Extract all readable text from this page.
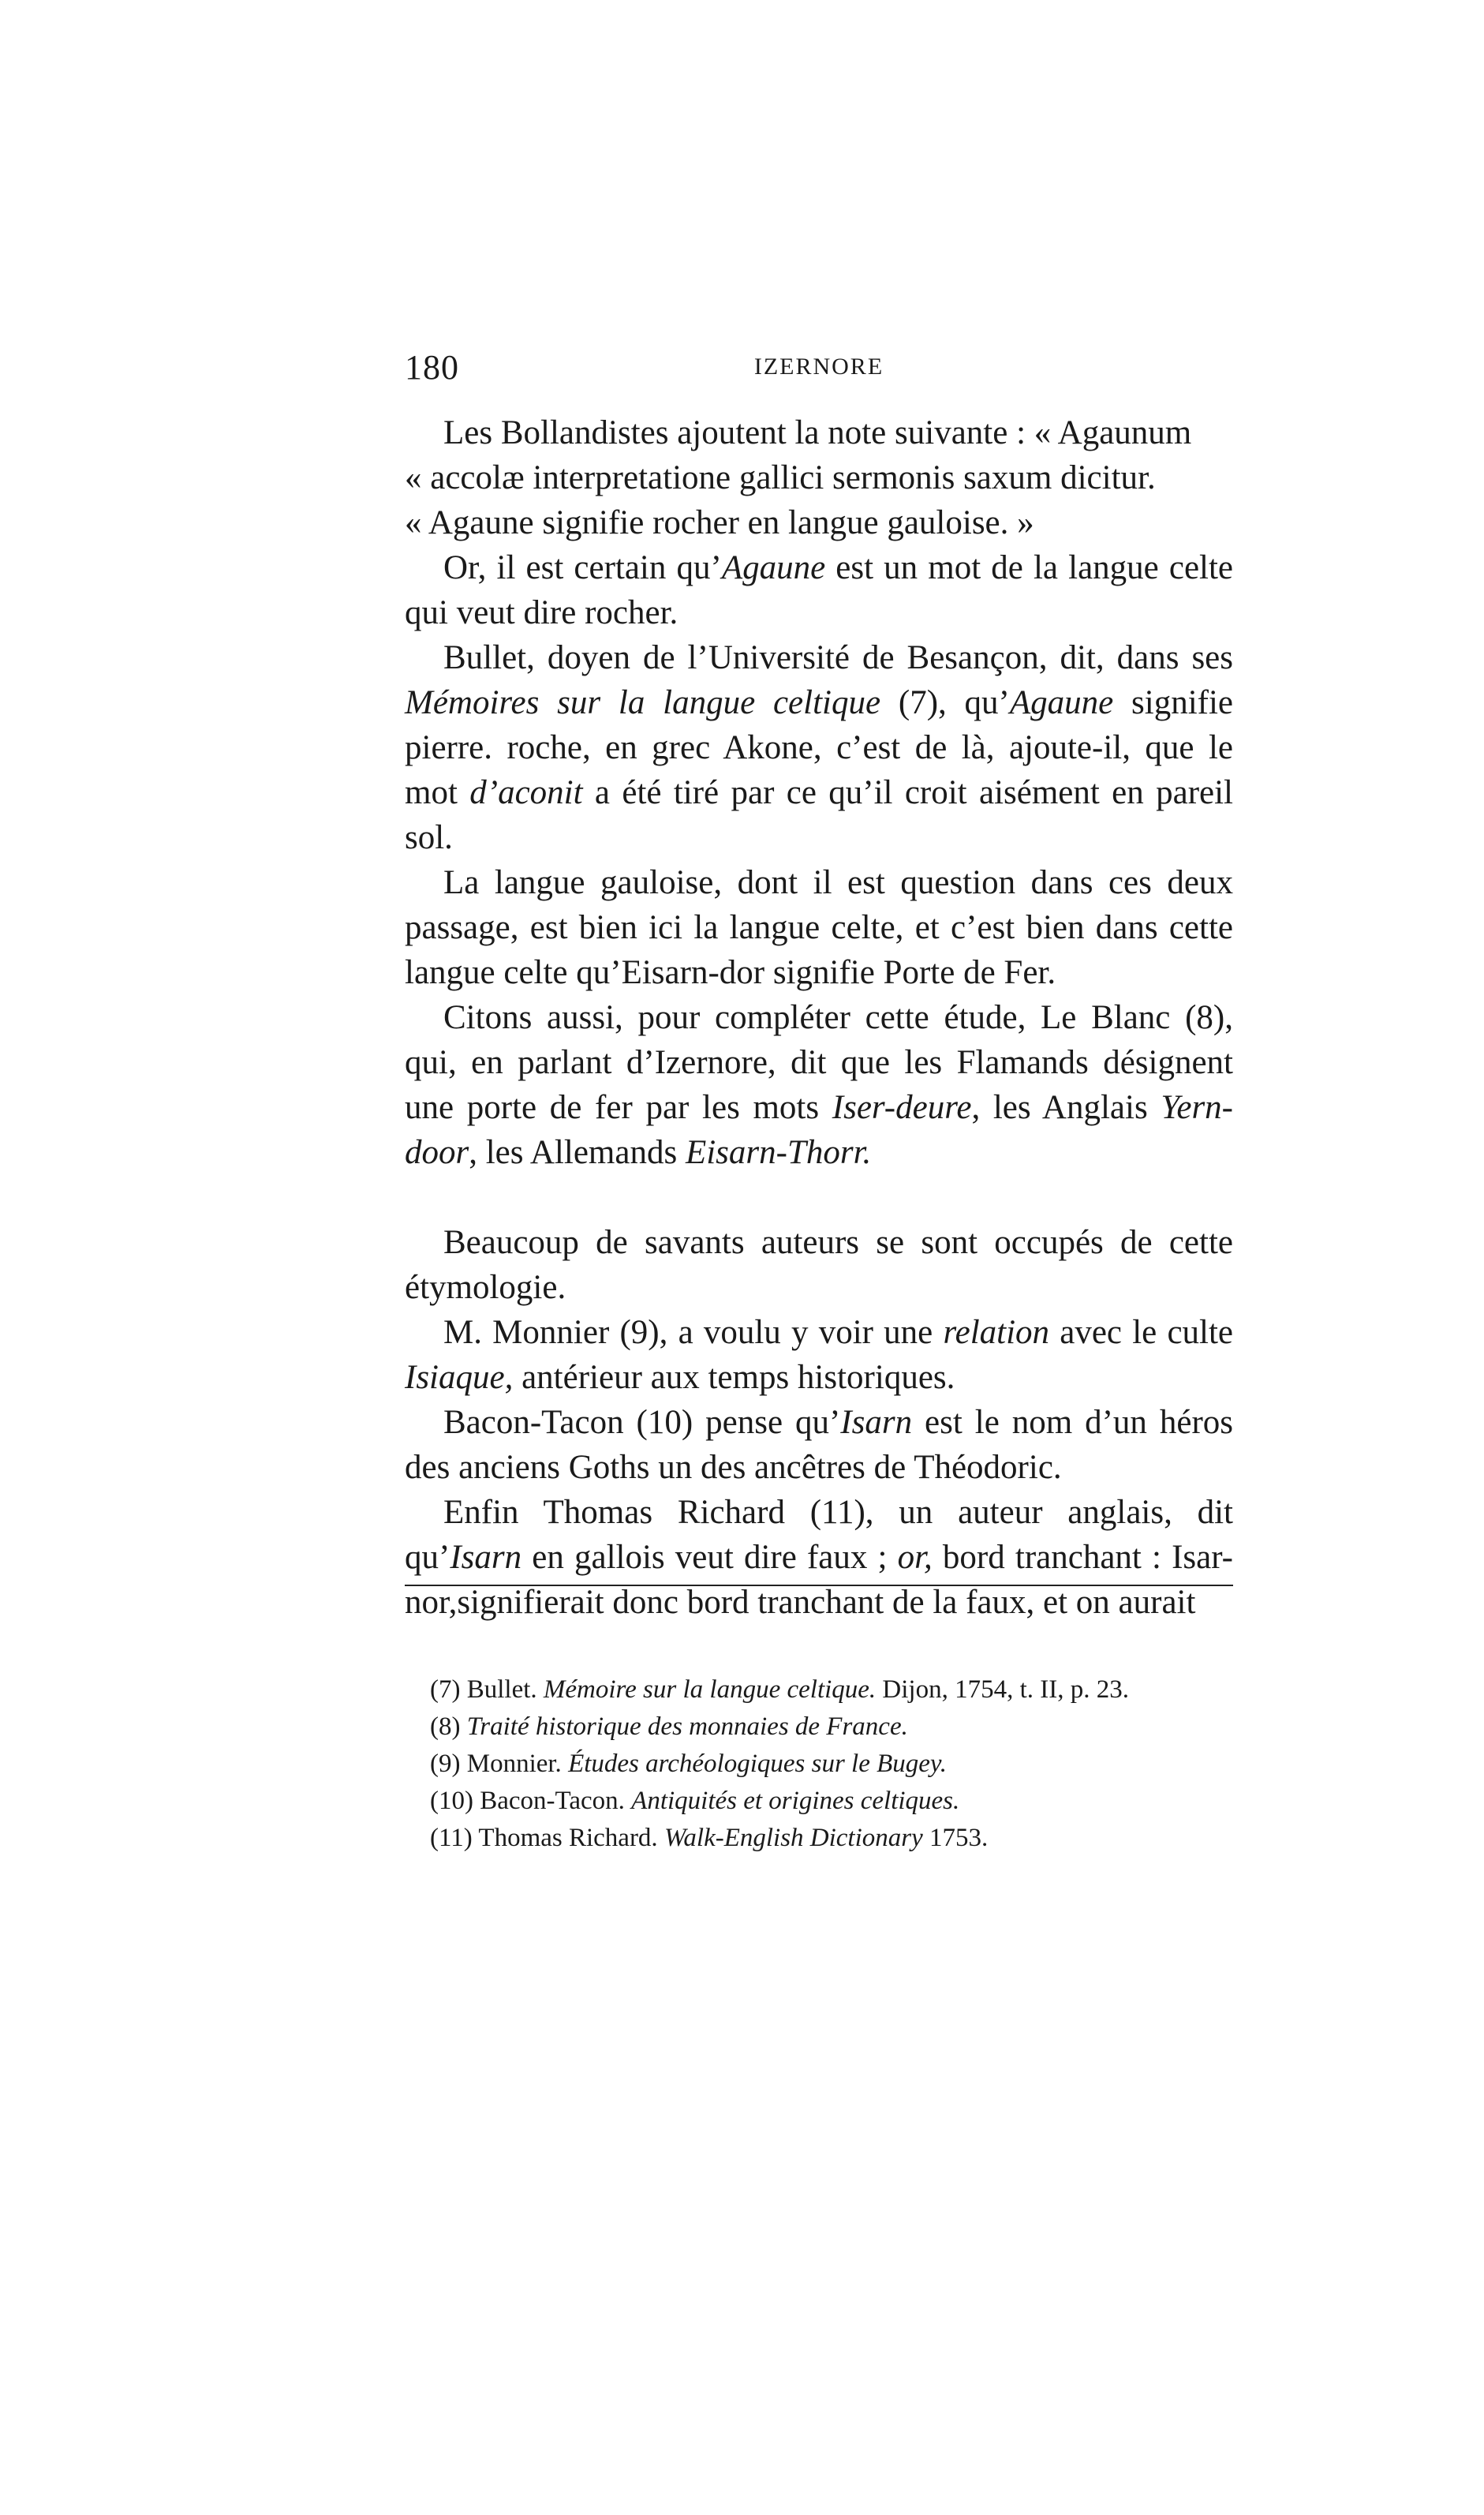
180	IZERNORE

Les Bollandistes ajoutent la note suivante : « Agaunum
« accolæ interpretatione gallici sermonis saxum dicitur.
« Agaune signifie rocher en langue gauloise. »

Or, il est certain qu’Agaune est un mot de la langue celte qui veut dire rocher.

Bullet, doyen de l’Université de Besançon, dit, dans ses Mémoires sur la langue celtique (7), qu’Agaune signifie pierre. roche, en grec Akone, c’est de là, ajoute-il, que le mot d’aconit a été tiré par ce qu’il croit aisément en pareil sol.

La langue gauloise, dont il est question dans ces deux passage, est bien ici la langue celte, et c’est bien dans cette langue celte qu’Eisarn-dor signifie Porte de Fer.

Citons aussi, pour compléter cette étude, Le Blanc (8), qui, en parlant d’Izernore, dit que les Flamands désignent une porte de fer par les mots Iser-deure, les Anglais Yern-door, les Allemands Eisarn-Thorr.

Beaucoup de savants auteurs se sont occupés de cette étymologie.

M. Monnier (9), a voulu y voir une relation avec le culte Isiaque, antérieur aux temps historiques.

Bacon-Tacon (10) pense qu’Isarn est le nom d’un héros des anciens Goths un des ancêtres de Théodoric.

Enfin Thomas Richard (11), un auteur anglais, dit qu’Isarn en gallois veut dire faux ; or, bord tranchant : Isar-nor,signifierait donc bord tranchant de la faux, et on aurait

(7) Bullet. Mémoire sur la langue celtique. Dijon, 1754, t. II, p. 23.

(8) Traité historique des monnaies de France.

(9) Monnier. Études archéologiques sur le Bugey.

(10) Bacon-Tacon. Antiquités et origines celtiques.

(11) Thomas Richard. Walk-English Dictionary 1753.
